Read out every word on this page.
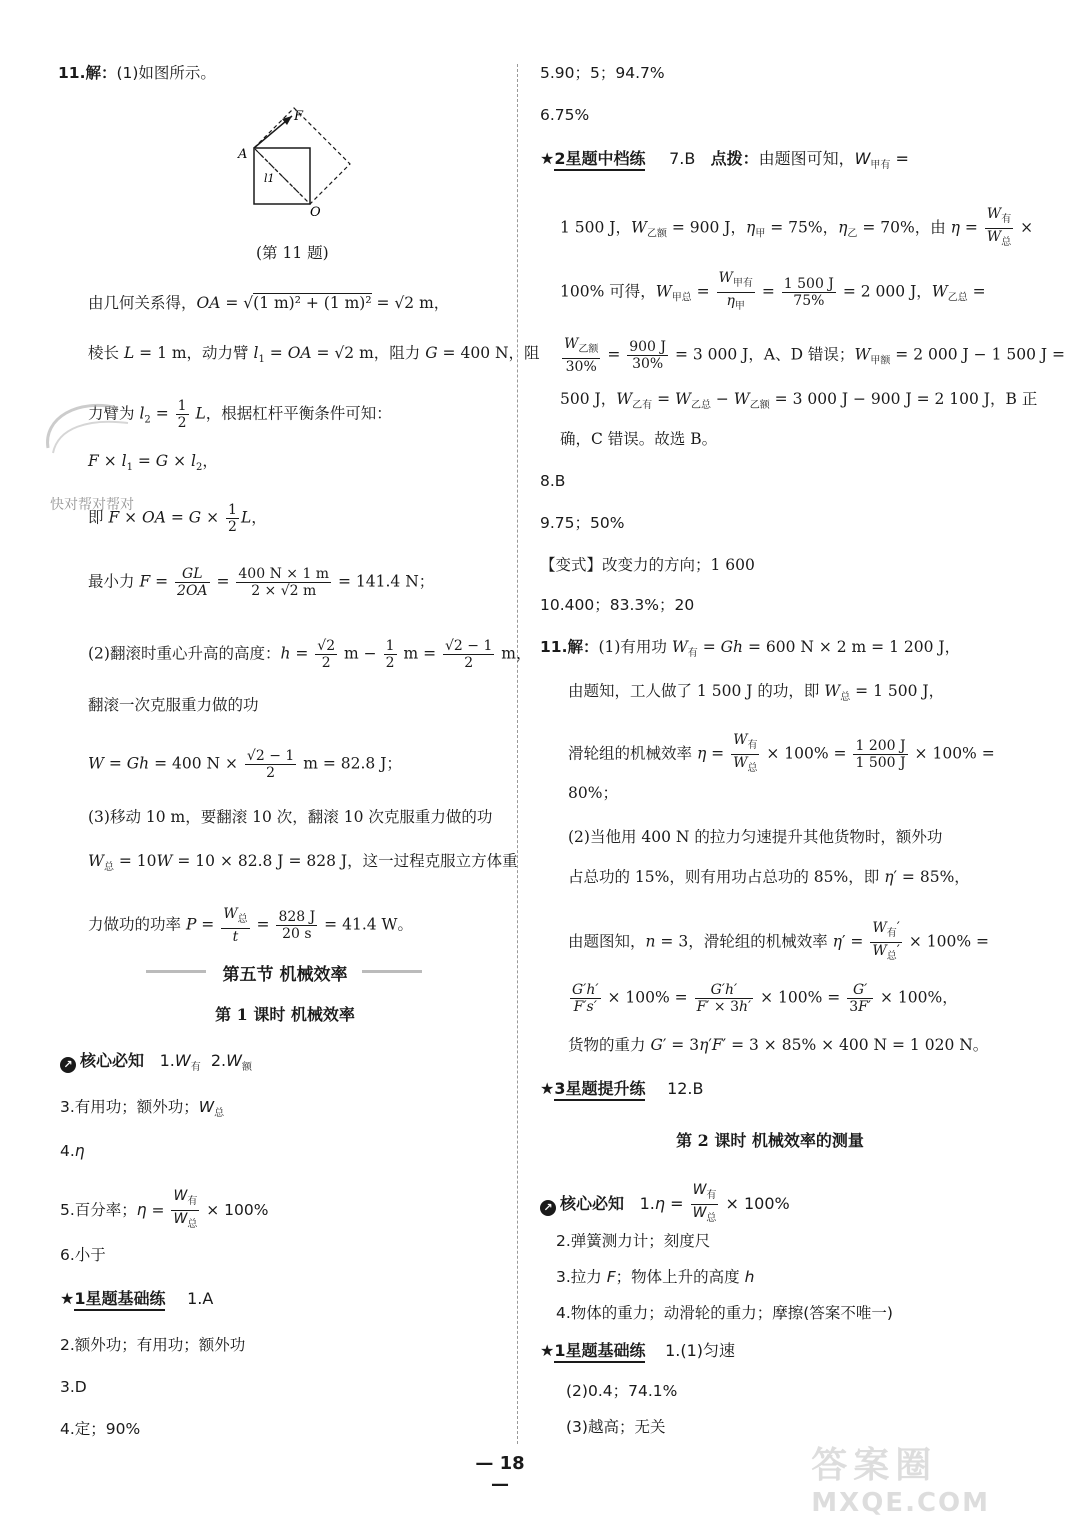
11.解：(1)如图所示。
F
A
O
l1
(第 11 题)
由几何关系得，OA = √(1 m)² + (1 m)² = √2 m，
棱长 L = 1 m，动力臂 $l_1$ = OA = √2 m，阻力 G = 400 N，阻
力臂为 $l_2 = \frac{1}{2}$ L，根据杠杆平衡条件可知：
$F \times l_1 = G \times l_2$，
即 F × OA = $G \times \frac{1}{2}$ L，
最小力 $F = \frac{GL}{2OA} = \frac{400 N \times 1 m}{2 \times √2 m} = 141.4$ N；
(2)翻滚时重心升高的高度：$h = \frac{√2}{2}$ $m - \frac{1}{2}$ $m = \frac{√2 - 1}{2}$ m，
翻滚一次克服重力做的功
W = Gh = 400 $N \times \frac{√2 - 1}{2}$ m = 82.8 J；
(3)移动 10 m，要翻滚 10 次，翻滚 10 次克服重力做的功
$W_总 = 10W = 10 \times 82.8$ J = 828 J，这一过程克服立方体重
力做功的功率 $P = \frac{W_总}{t} = \frac{828 J}{20 s} = 41.4$ W。
第五节 机械效率
第 1 课时 机械效率
↗ 核心必知 $1.W_有$  $2.W_额$
3.有用功；额外功；$W_总$
4.η
5.百分率；$\eta = \frac{W_有}{W_总} \times 100\%$
6.小于
★1星题基础练 1.A
2.额外功；有用功；额外功
3.D
4.定；90%
快对帮对帮对
5.90；5；94.7%
6.75%
★2星题中档练 7.B   点拨：由题图可知，$W_{甲有}$ =
1 500 J，$W_{乙额} = 900$ J，$\eta_甲 = 75\%$，$\eta_乙 = 70\%$，由 $\eta = \frac{W_有}{W_总}$ ×
100% 可得，$W_{甲总} = \frac{W_{甲有}}{\eta_甲} = \frac{1 500 J}{75\%} = 2$ 000 J，$W_{乙总}$ =
$\frac{W_{乙额}}{30\%} = \frac{900 J}{30\%} = 3$ 000 J，A、D 错误；$W_{甲额} = 2$ 000 J − 1 500 J =
500 J，$W_{乙有} = W_{乙总} - W_{乙额} = 3$ 000 J − 900 J = 2 100 J，B 正
确，C 错误。故选 B。
8.B
9.75；50%
【变式】改变力的方向；1 600
10.400；83.3%；20
11.解：(1)有用功 $W_有 = Gh = 600$ N × 2 m = 1 200 J，
由题知，工人做了 1 500 J 的功，即 $W_总 = 1$ 500 J，
滑轮组的机械效率 $\eta = \frac{W_有}{W_总} \times 100\% = \frac{1 200 J}{1 500 J} \times 100\%$ =
80%；
(2)当他用 400 N 的拉力匀速提升其他货物时，额外功
占总功的 15%，则有用功占总功的 85%，即 η′ = 85%，
由题图知，n = 3，滑轮组的机械效率 $\eta' = \frac{W_有'}{W_总'} \times 100\%$ =
$\frac{G'h'}{F's'} \times 100\% = \frac{G'h'}{F' \times 3h'} \times 100\% = \frac{G'}{3F'} \times 100\%$，
货物的重力 G′ = 3η′F′ = 3 × 85% × 400 N = 1 020 N。
★3星题提升练 12.B
第 2 课时 机械效率的测量
↗ 核心必知 $1.\eta = \frac{W_有}{W_总} \times 100\%$
2.弹簧测力计；刻度尺
3.拉力 F；物体上升的高度 h
4.物体的重力；动滑轮的重力；摩擦(答案不唯一)
★1星题基础练 1.(1)匀速
(2)0.4；74.1%
(3)越高；无关
— 18 —	答案圈
MXQE.COM
